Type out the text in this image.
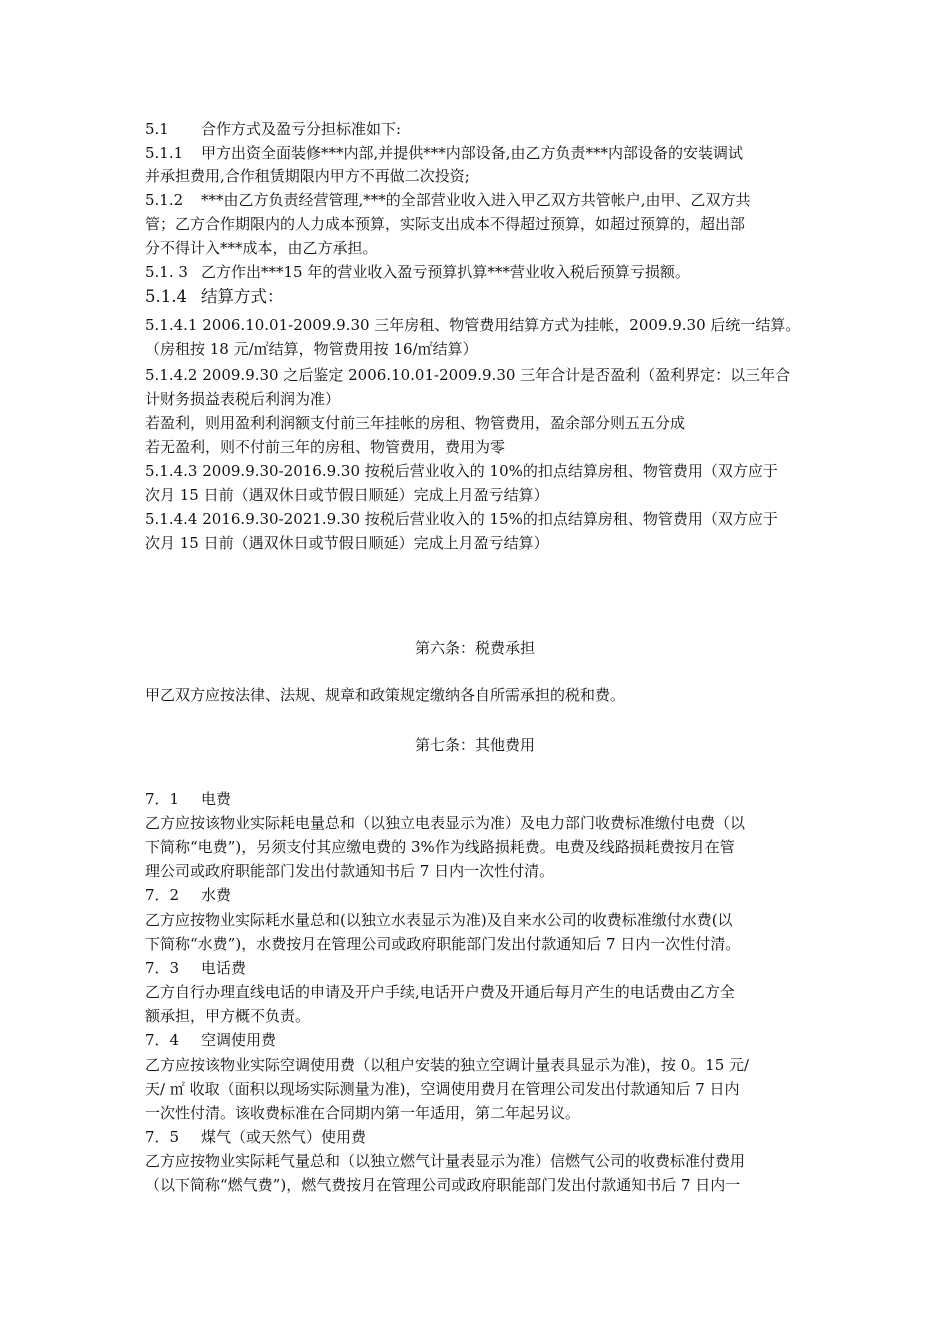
5.1 合作方式及盈亏分担标准如下:
5.1.1 甲方出资全面装修***内部,并提供***内部设备,由乙方负责***内部设备的安装调试
并承担费用,合作租赁期限内甲方不再做二次投资;
5.1.2 ***由乙方负责经营管理,***的全部营业收入进入甲乙双方共管帐户,由甲、乙双方共
管；乙方合作期限内的人力成本预算，实际支出成本不得超过预算，如超过预算的，超出部
分不得计入***成本，由乙方承担。
5.1. 3 乙方作出***15 年的营业收入盈亏预算扒算***营业收入税后预算亏损额。
5.1.4 结算方式：
5.1.4.1 2006.10.01-2009.9.30 三年房租、物管费用结算方式为挂帐，2009.9.30 后统一结算。
（房租按 18 元/㎡结算，物管费用按 16/㎡结算）
5.1.4.2 2009.9.30 之后鉴定 2006.10.01-2009.9.30 三年合计是否盈利（盈利界定：以三年合
计财务损益表税后利润为准）
若盈利，则用盈利利润额支付前三年挂帐的房租、物管费用，盈余部分则五五分成
若无盈利，则不付前三年的房租、物管费用，费用为零
5.1.4.3 2009.9.30-2016.9.30 按税后营业收入的 10%的扣点结算房租、物管费用（双方应于
次月 15 日前（遇双休日或节假日顺延）完成上月盈亏结算）
5.1.4.4 2016.9.30-2021.9.30 按税后营业收入的 15%的扣点结算房租、物管费用（双方应于
次月 15 日前（遇双休日或节假日顺延）完成上月盈亏结算）
第六条：税费承担
甲乙双方应按法律、法规、规章和政策规定缴纳各自所需承担的税和费。
第七条：其他费用
7．1 电费
乙方应按该物业实际耗电量总和（以独立电表显示为准）及电力部门收费标准缴付电费（以
下简称“电费”)，另须支付其应缴电费的 3%作为线路损耗费。电费及线路损耗费按月在管
理公司或政府职能部门发出付款通知书后 7 日内一次性付清。
7．2 水费
乙方应按物业实际耗水量总和(以独立水表显示为准)及自来水公司的收费标准缴付水费(以
下简称“水费”)，水费按月在管理公司或政府职能部门发出付款通知后 7 日内一次性付清。
7．3 电话费
乙方自行办理直线电话的申请及开户手续,电话开户费及开通后每月产生的电话费由乙方全
额承担，甲方概不负责。
7．4 空调使用费
乙方应按该物业实际空调使用费（以租户安装的独立空调计量表具显示为准)，按 0。15 元/
天/ ㎡ 收取（面积以现场实际测量为准)，空调使用费月在管理公司发出付款通知后 7 日内
一次性付清。该收费标准在合同期内第一年适用，第二年起另议。
7．5 煤气（或天然气）使用费
乙方应按物业实际耗气量总和（以独立燃气计量表显示为准）信燃气公司的收费标准付费用
（以下简称“燃气费”)，燃气费按月在管理公司或政府职能部门发出付款通知书后 7 日内一
